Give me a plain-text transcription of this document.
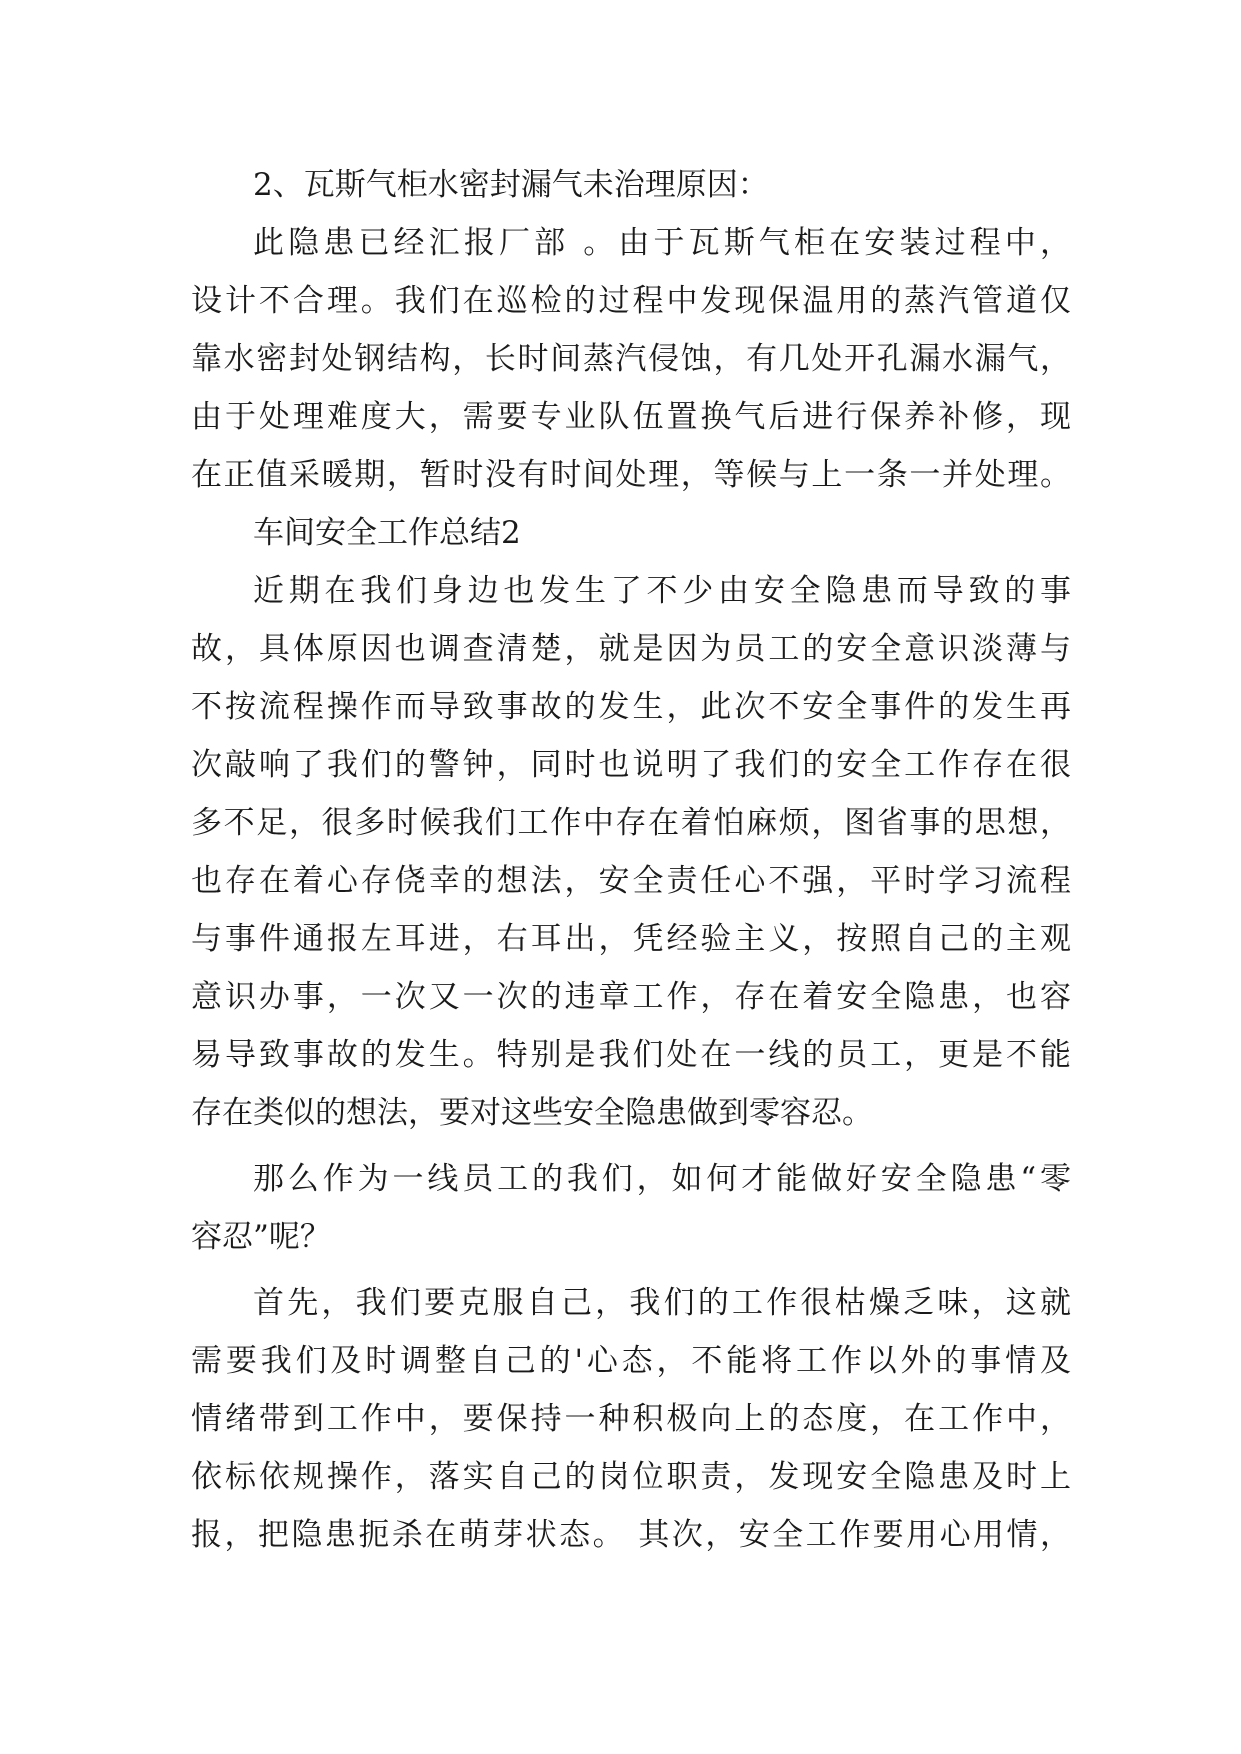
2、瓦斯气柜水密封漏气未治理原因：
此隐患已经汇报厂部 。由于瓦斯气柜在安装过程中，
设计不合理。我们在巡检的过程中发现保温用的蒸汽管道仅
靠水密封处钢结构，长时间蒸汽侵蚀，有几处开孔漏水漏气，
由于处理难度大，需要专业队伍置换气后进行保养补修，现
在正值采暖期，暂时没有时间处理，等候与上一条一并处理。
车间安全工作总结2
近期在我们身边也发生了不少由安全隐患而导致的事
故，具体原因也调查清楚，就是因为员工的安全意识淡薄与
不按流程操作而导致事故的发生，此次不安全事件的发生再
次敲响了我们的警钟，同时也说明了我们的安全工作存在很
多不足，很多时候我们工作中存在着怕麻烦，图省事的思想，
也存在着心存侥幸的想法，安全责任心不强，平时学习流程
与事件通报左耳进，右耳出，凭经验主义，按照自己的主观
意识办事，一次又一次的违章工作，存在着安全隐患，也容
易导致事故的发生。特别是我们处在一线的员工，更是不能
存在类似的想法，要对这些安全隐患做到零容忍。
那么作为一线员工的我们，如何才能做好安全隐患“零
容忍”呢？
首先，我们要克服自己，我们的工作很枯燥乏味，这就
需要我们及时调整自己的'心态，不能将工作以外的事情及
情绪带到工作中，要保持一种积极向上的态度，在工作中，
依标依规操作，落实自己的岗位职责，发现安全隐患及时上
报，把隐患扼杀在萌芽状态。 其次，安全工作要用心用情，
